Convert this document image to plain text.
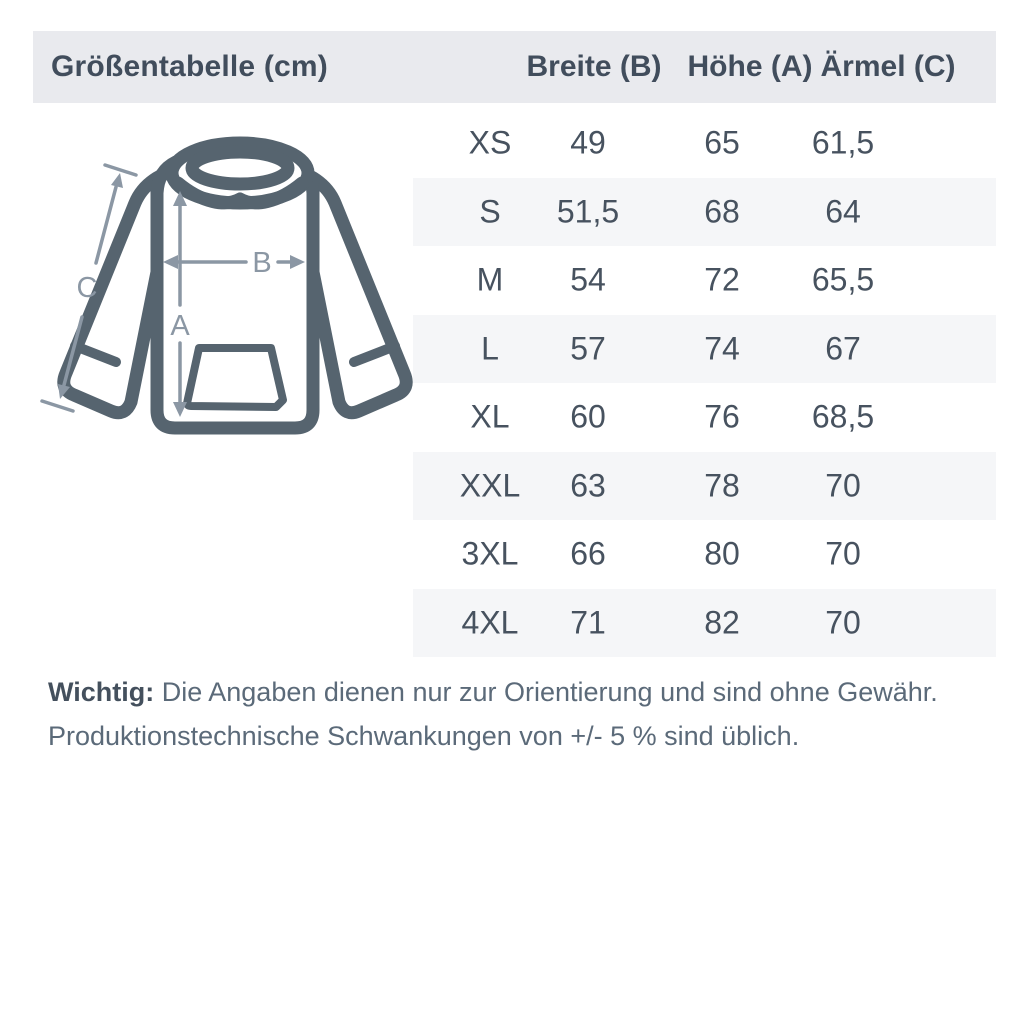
Größentabelle (cm)	Breite (B) Höhe (A) Ärmel (C)
A
B
C
XS 49	65 61,5
S 51,5	68	64
M 54	72 65,5
L 57	74	67
XL 60	76 68,5
XXL 63	78	70
3XL 66	80	70
4XL 71	82	70

Wichtig: Die Angaben dienen nur zur Orientierung und sind ohne Gewähr.
Produktionstechnische Schwankungen von +/- 5 % sind üblich.
